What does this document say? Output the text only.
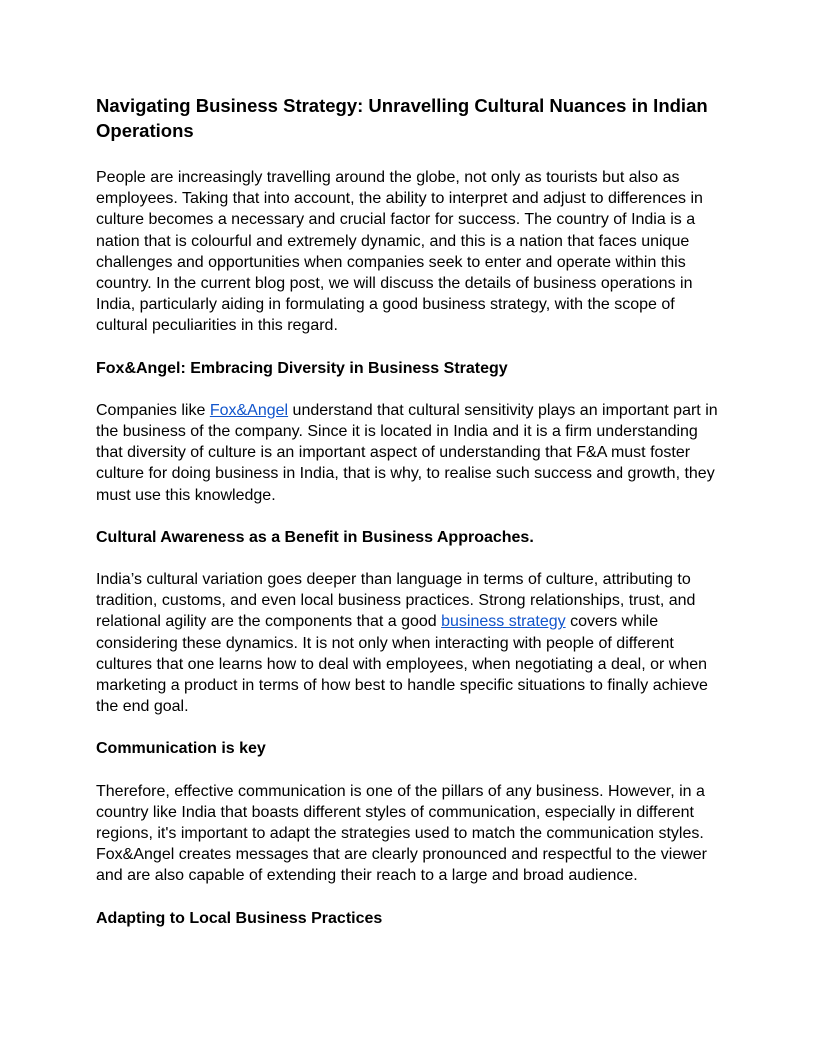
Navigating Business Strategy: Unravelling Cultural Nuances in Indian Operations

People are increasingly travelling around the globe, not only as tourists but also as employees. Taking that into account, the ability to interpret and adjust to differences in culture becomes a necessary and crucial factor for success. The country of India is a nation that is colourful and extremely dynamic, and this is a nation that faces unique challenges and opportunities when companies seek to enter and operate within this country. In the current blog post, we will discuss the details of business operations in India, particularly aiding in formulating a good business strategy, with the scope of cultural peculiarities in this regard.

Fox&Angel: Embracing Diversity in Business Strategy

Companies like Fox&Angel understand that cultural sensitivity plays an important part in the business of the company. Since it is located in India and it is a firm understanding that diversity of culture is an important aspect of understanding that F&A must foster culture for doing business in India, that is why, to realise such success and growth, they must use this knowledge.

Cultural Awareness as a Benefit in Business Approaches.

India’s cultural variation goes deeper than language in terms of culture, attributing to tradition, customs, and even local business practices. Strong relationships, trust, and relational agility are the components that a good business strategy covers while considering these dynamics. It is not only when interacting with people of different cultures that one learns how to deal with employees, when negotiating a deal, or when marketing a product in terms of how best to handle specific situations to finally achieve the end goal.

Communication is key

Therefore, effective communication is one of the pillars of any business. However, in a country like India that boasts different styles of communication, especially in different regions, it's important to adapt the strategies used to match the communication styles. Fox&Angel creates messages that are clearly pronounced and respectful to the viewer and are also capable of extending their reach to a large and broad audience.

Adapting to Local Business Practices
